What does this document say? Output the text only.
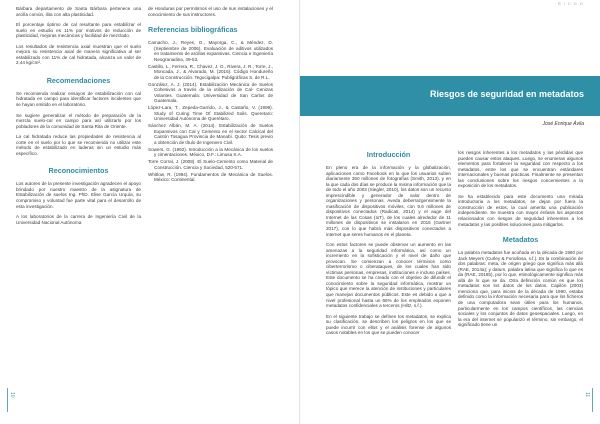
Bárbara departamento de Santa Bárbara pertenece una arcilla común, ilita con alta plasticidad.

El porcentaje óptimo de cal resultante para estabilizar el suelo en estudio es 11% por motivos de reducción de plasticidad, mejoras mecánicas y facilidad de mezclado.

Los resultados de resistencia axial muestran que el suelo mejora su resistencia axial de manera significativa al ser estabilizado con 11% de cal hidratada, alcanza un valor de 2,44 kg/cm².

Recomendaciones

Se recomienda realizar ensayos de estabilización con cal hidratada en campo para identificar factores incidentes que se hayan omitido en el laboratorio.

Se sugiere generalizar el método de preparación de la mezcla suelo-cal en campo para así utilizarlo por los pobladores de la comunidad de Santa Rita de Oriente.

La cal hidratada reduce las propiedades de resistencia al corte en el suelo por lo que se recomienda no utilizar este método de estabilizado en laderas sin un estudio más específico.

Reconocimientos

Los autores de la presente investigación agradecen el apoyo brindado por nuestro maestro de la asignatura de Estabilización de suelos Ing. PhD. Elise García Urquía, su compromiso y voluntad fue parte vital para el desarrollo de esta investigación.

A los laboratorios de la carrera de Ingeniería Civil de la Universidad Nacional Autónoma

de Honduras por permitirnos el uso de sus instalaciones y el conocimiento de sus instructores.

Referencias bibliográficas
Camacho, J., Reyes, O., Mayorga, C., & Méndez, D. (Septiembre de 2006). Evaluación de aditivos utilizados en tratamiento de arcillas expansivas. Ciencia e Ingeniería Neogranadina, 49-53.
Castillo, L., Ferrera, R., Chavez, J. O., Rivera, J. R., Torre, J., Moncada, J., & Alvarado, M. (2016). Código Hondureño de la Construcción. Tegucigalpa: Publigráficas S. de R.L.
González, A. J. (2014). Estabilización Mecánica de Suelos Cohesivos a través de la utilización de Cal- Cenizas Volantes. Guatemala: Universidad de San Carlos de Guatemala.
López-Lara, T., Zepeda-Garrido, J., & Castaño, V. (1999). Study of Curing Time Of Stabilized Soils. Queretaro: Universidad Autónoma de Querétaro.
Sánchez Albán, M. A. (2014). Estabilización de Suelos Expansivos con Cal y Cemento en el sector Calcical del Cantón Tosagua Provincia de Manabí. Quito: Tesis previo a obtención de título de Ingeniero Civil.
Sowers, G. (1992). Introducción a la Mecánica de los suelos y cimentaciones. México, D.F.: Limusa S.A.
Torre Corral, J. (2008). El Suelo-Cemento como Material de Construcción. Ciencia y Sociedad, 520-571.
Whitlow, R. (1994). Fundamentos de Mecánica de Suelos. México: Continental.
10
RICGO
Riesgos de seguridad en metadatos
José Enrique Ávila
Introducción

En pleno era de la información y la globalización, aplicaciones como Facebook en la que los usuarios suben diariamente 350 millones de fotografías (Smith, 2013), y en la que cada dos días se produce la misma información que la de todo el año 2003 (Siegler, 2010), los datos son un recurso imprescindible y generador de valor dentro de organizaciones y personas. Aveda deberrazgensimente la masificación de dispositivos móviles, con 9.6 millones de dispositivos conectados (Radicati, 2014) y el auge del Internet de las Cosas (IoT), de los cuales alrededor de 11 millones de dispositivos se instalaron en 2015 (Gartner 2017), con lo que habrá más dispositivos conectados a internet que seres humanos en el planeta.

Con estos factores se puede observar un aumento en las amenazas a la seguridad informática, así como un incremento en la sofisticación y el nivel de daño que provocan. Se comienzan a conocer términos como ciberterrorismo o ciberataques, de los cuales han sido víctimas personas, empresas, instituciones e incluso países. Este documento se ha creado con el objetivo de difundir el conocimiento sobre la seguridad informática, mostrar un tópico que merece la atención de instituciones y particulares que manejan documentos públicos. Este es debido a que a nivel profesional hasta un 66% de los empleados exponen metadatos confidenciales a terceros (Hiltz, s.f.).

En el siguiente trabajo se definen los metadatos, se explica su clasificación, se describen los peligros en los que se puede incurrir con ellos y el análisis forense de algunos casos notables en los que se pueden conocer

los riesgos inherentes a los metadatos y las pérdidas que pueden causar estos ataques. Luego, se enumeran algunos elementos para fortalecer la seguridad con respecto a los metadatos, entre los que se encuentran estándares internacionales y buenas prácticas. Finalmente se presentan las conclusiones sobre los riesgos concernientes a la exposición de los metadatos.

Se ha establecido para este documento una mirada introductoria a los metadatos, se dejan por fuera la construcción de estos, la cual amerita una publicación independiente. Se muestra con mayor énfasis los aspectos relacionados con riesgos de seguridad inherentes a los metadatos y las posibles soluciones para mitigarlos.

Metadatos

La palabra metadatos fue acuñada en la década de 1960 por Jack Meyers (Curley & Fonollosa, s.f.). Es la combinación de dos palabras: meta, de origen griego que significa más allá (RAE, 2014a); y datum, palabra latina que significa lo que es da (RAE, 2018b), por lo que, etimológicamente significa más allá de lo que se da. Otra definición común es que los metadatos son los datos de los datos. Capilón (2003) menciona que, para inicios de la década de 1990, estaba definido como la información necesaria para que los ficheros de una computadora sean útiles para los humanos, particularmente en los campos científicos, las ciencias sociales y los conjuntos de datos geoespaciales. Luego, en la era del internet se popularizó el término, sin embargo, el significado tiene un

11
